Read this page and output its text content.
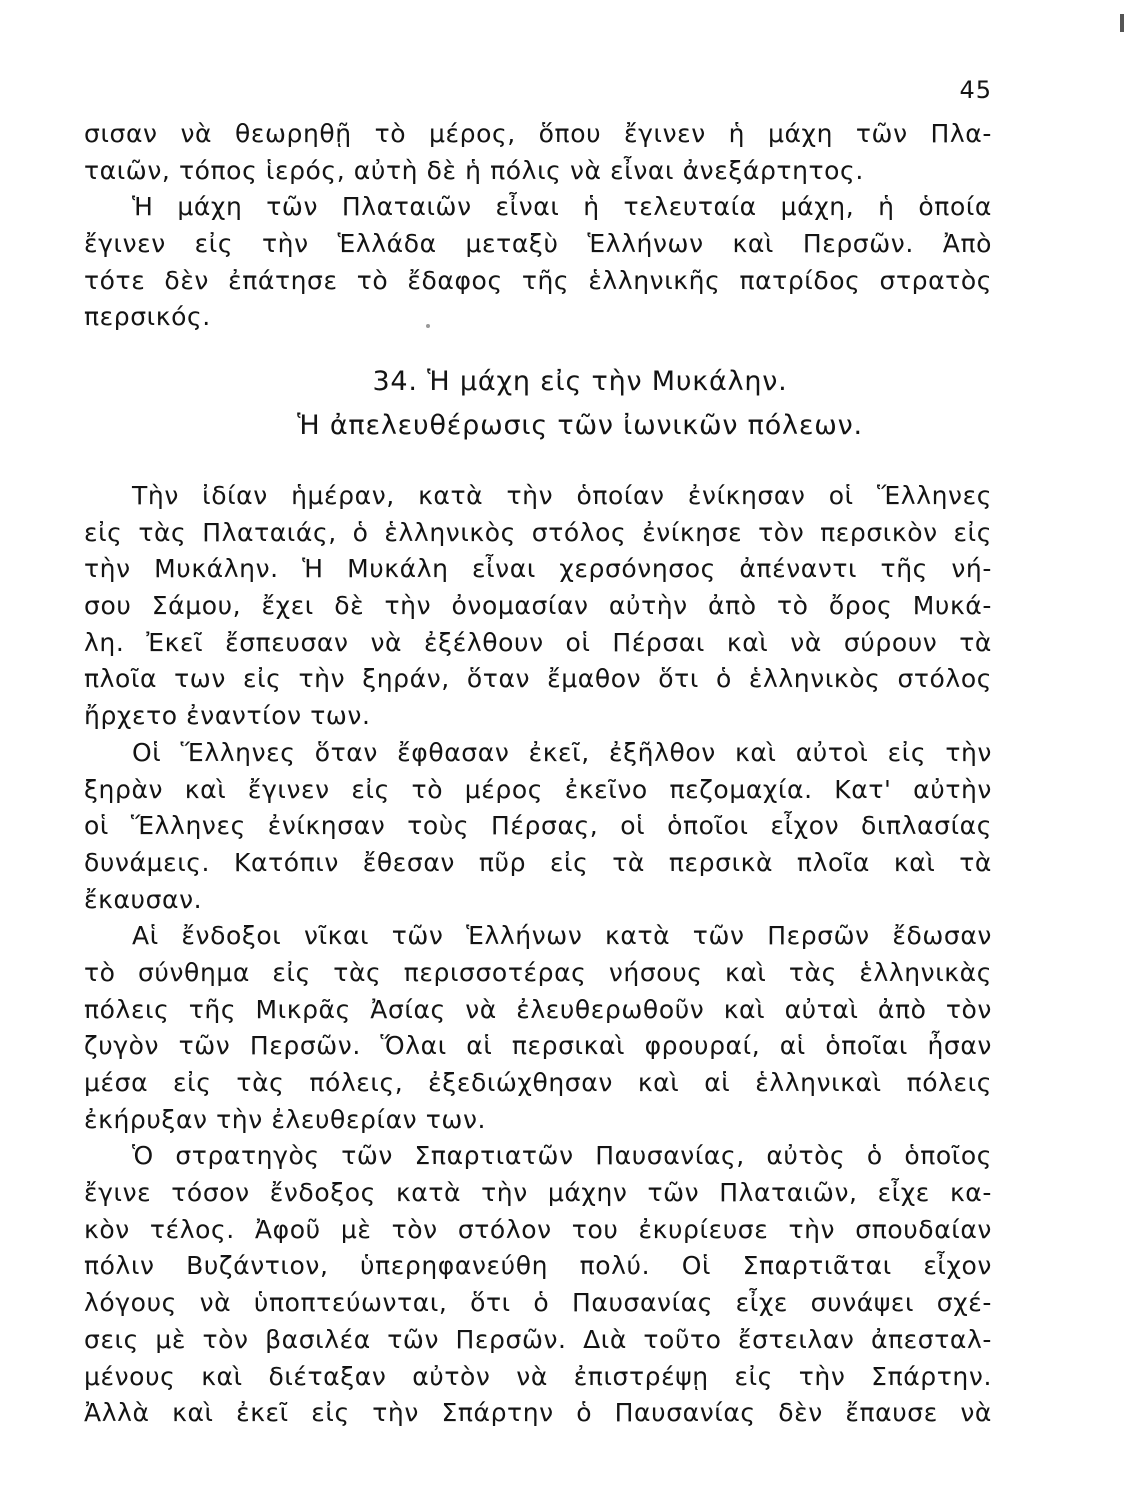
45
σισαν νὰ θεωρηθῇ τὸ μέρος, ὅπου ἔγινεν ἡ μάχη τῶν Πλα-
ταιῶν, τόπος ἱερός, αὐτὴ δὲ ἡ πόλις νὰ εἶναι ἀνεξάρτητος.
Ἡ μάχη τῶν Πλαταιῶν εἶναι ἡ τελευταία μάχη, ἡ ὁποία
ἔγινεν εἰς τὴν Ἑλλάδα μεταξὺ Ἑλλήνων καὶ Περσῶν. Ἀπὸ
τότε δὲν ἐπάτησε τὸ ἔδαφος τῆς ἑλληνικῆς πατρίδος στρατὸς
περσικός.
34. Ἡ μάχη εἰς τὴν Μυκάλην.
Ἡ ἀπελευθέρωσις τῶν ἰωνικῶν πόλεων.
Τὴν ἰδίαν ἡμέραν, κατὰ τὴν ὁποίαν ἐνίκησαν οἱ Ἕλληνες
εἰς τὰς Πλαταιάς, ὁ ἑλληνικὸς στόλος ἐνίκησε τὸν περσικὸν εἰς
τὴν Μυκάλην. Ἡ Μυκάλη εἶναι χερσόνησος ἀπέναντι τῆς νή-
σου Σάμου, ἔχει δὲ τὴν ὀνομασίαν αὐτὴν ἀπὸ τὸ ὄρος Μυκά-
λη. Ἐκεῖ ἔσπευσαν νὰ ἐξέλθουν οἱ Πέρσαι καὶ νὰ σύρουν τὰ
πλοῖα των εἰς τὴν ξηράν, ὅταν ἔμαθον ὅτι ὁ ἑλληνικὸς στόλος
ἤρχετο ἐναντίον των.
Οἱ Ἕλληνες ὅταν ἔφθασαν ἐκεῖ, ἐξῆλθον καὶ αὐτοὶ εἰς τὴν
ξηρὰν καὶ ἔγινεν εἰς τὸ μέρος ἐκεῖνο πεζομαχία. Κατ' αὐτὴν
οἱ Ἕλληνες ἐνίκησαν τοὺς Πέρσας, οἱ ὁποῖοι εἶχον διπλασίας
δυνάμεις. Κατόπιν ἔθεσαν πῦρ εἰς τὰ περσικὰ πλοῖα καὶ τὰ
ἔκαυσαν.
Αἱ ἔνδοξοι νῖκαι τῶν Ἑλλήνων κατὰ τῶν Περσῶν ἔδωσαν
τὸ σύνθημα εἰς τὰς περισσοτέρας νήσους καὶ τὰς ἑλληνικὰς
πόλεις τῆς Μικρᾶς Ἀσίας νὰ ἐλευθερωθοῦν καὶ αὐταὶ ἀπὸ τὸν
ζυγὸν τῶν Περσῶν. Ὅλαι αἱ περσικαὶ φρουραί, αἱ ὁποῖαι ἦσαν
μέσα εἰς τὰς πόλεις, ἐξεδιώχθησαν καὶ αἱ ἑλληνικαὶ πόλεις
ἐκήρυξαν τὴν ἐλευθερίαν των.
Ὁ στρατηγὸς τῶν Σπαρτιατῶν Παυσανίας, αὐτὸς ὁ ὁποῖος
ἔγινε τόσον ἔνδοξος κατὰ τὴν μάχην τῶν Πλαταιῶν, εἶχε κα-
κὸν τέλος. Ἀφοῦ μὲ τὸν στόλον του ἐκυρίευσε τὴν σπουδαίαν
πόλιν Βυζάντιον, ὑπερηφανεύθη πολύ. Οἱ Σπαρτιᾶται εἶχον
λόγους νὰ ὑποπτεύωνται, ὅτι ὁ Παυσανίας εἶχε συνάψει σχέ-
σεις μὲ τὸν βασιλέα τῶν Περσῶν. Διὰ τοῦτο ἔστειλαν ἀπεσταλ-
μένους καὶ διέταξαν αὐτὸν νὰ ἐπιστρέψῃ εἰς τὴν Σπάρτην.
Ἀλλὰ καὶ ἐκεῖ εἰς τὴν Σπάρτην ὁ Παυσανίας δὲν ἔπαυσε νὰ
